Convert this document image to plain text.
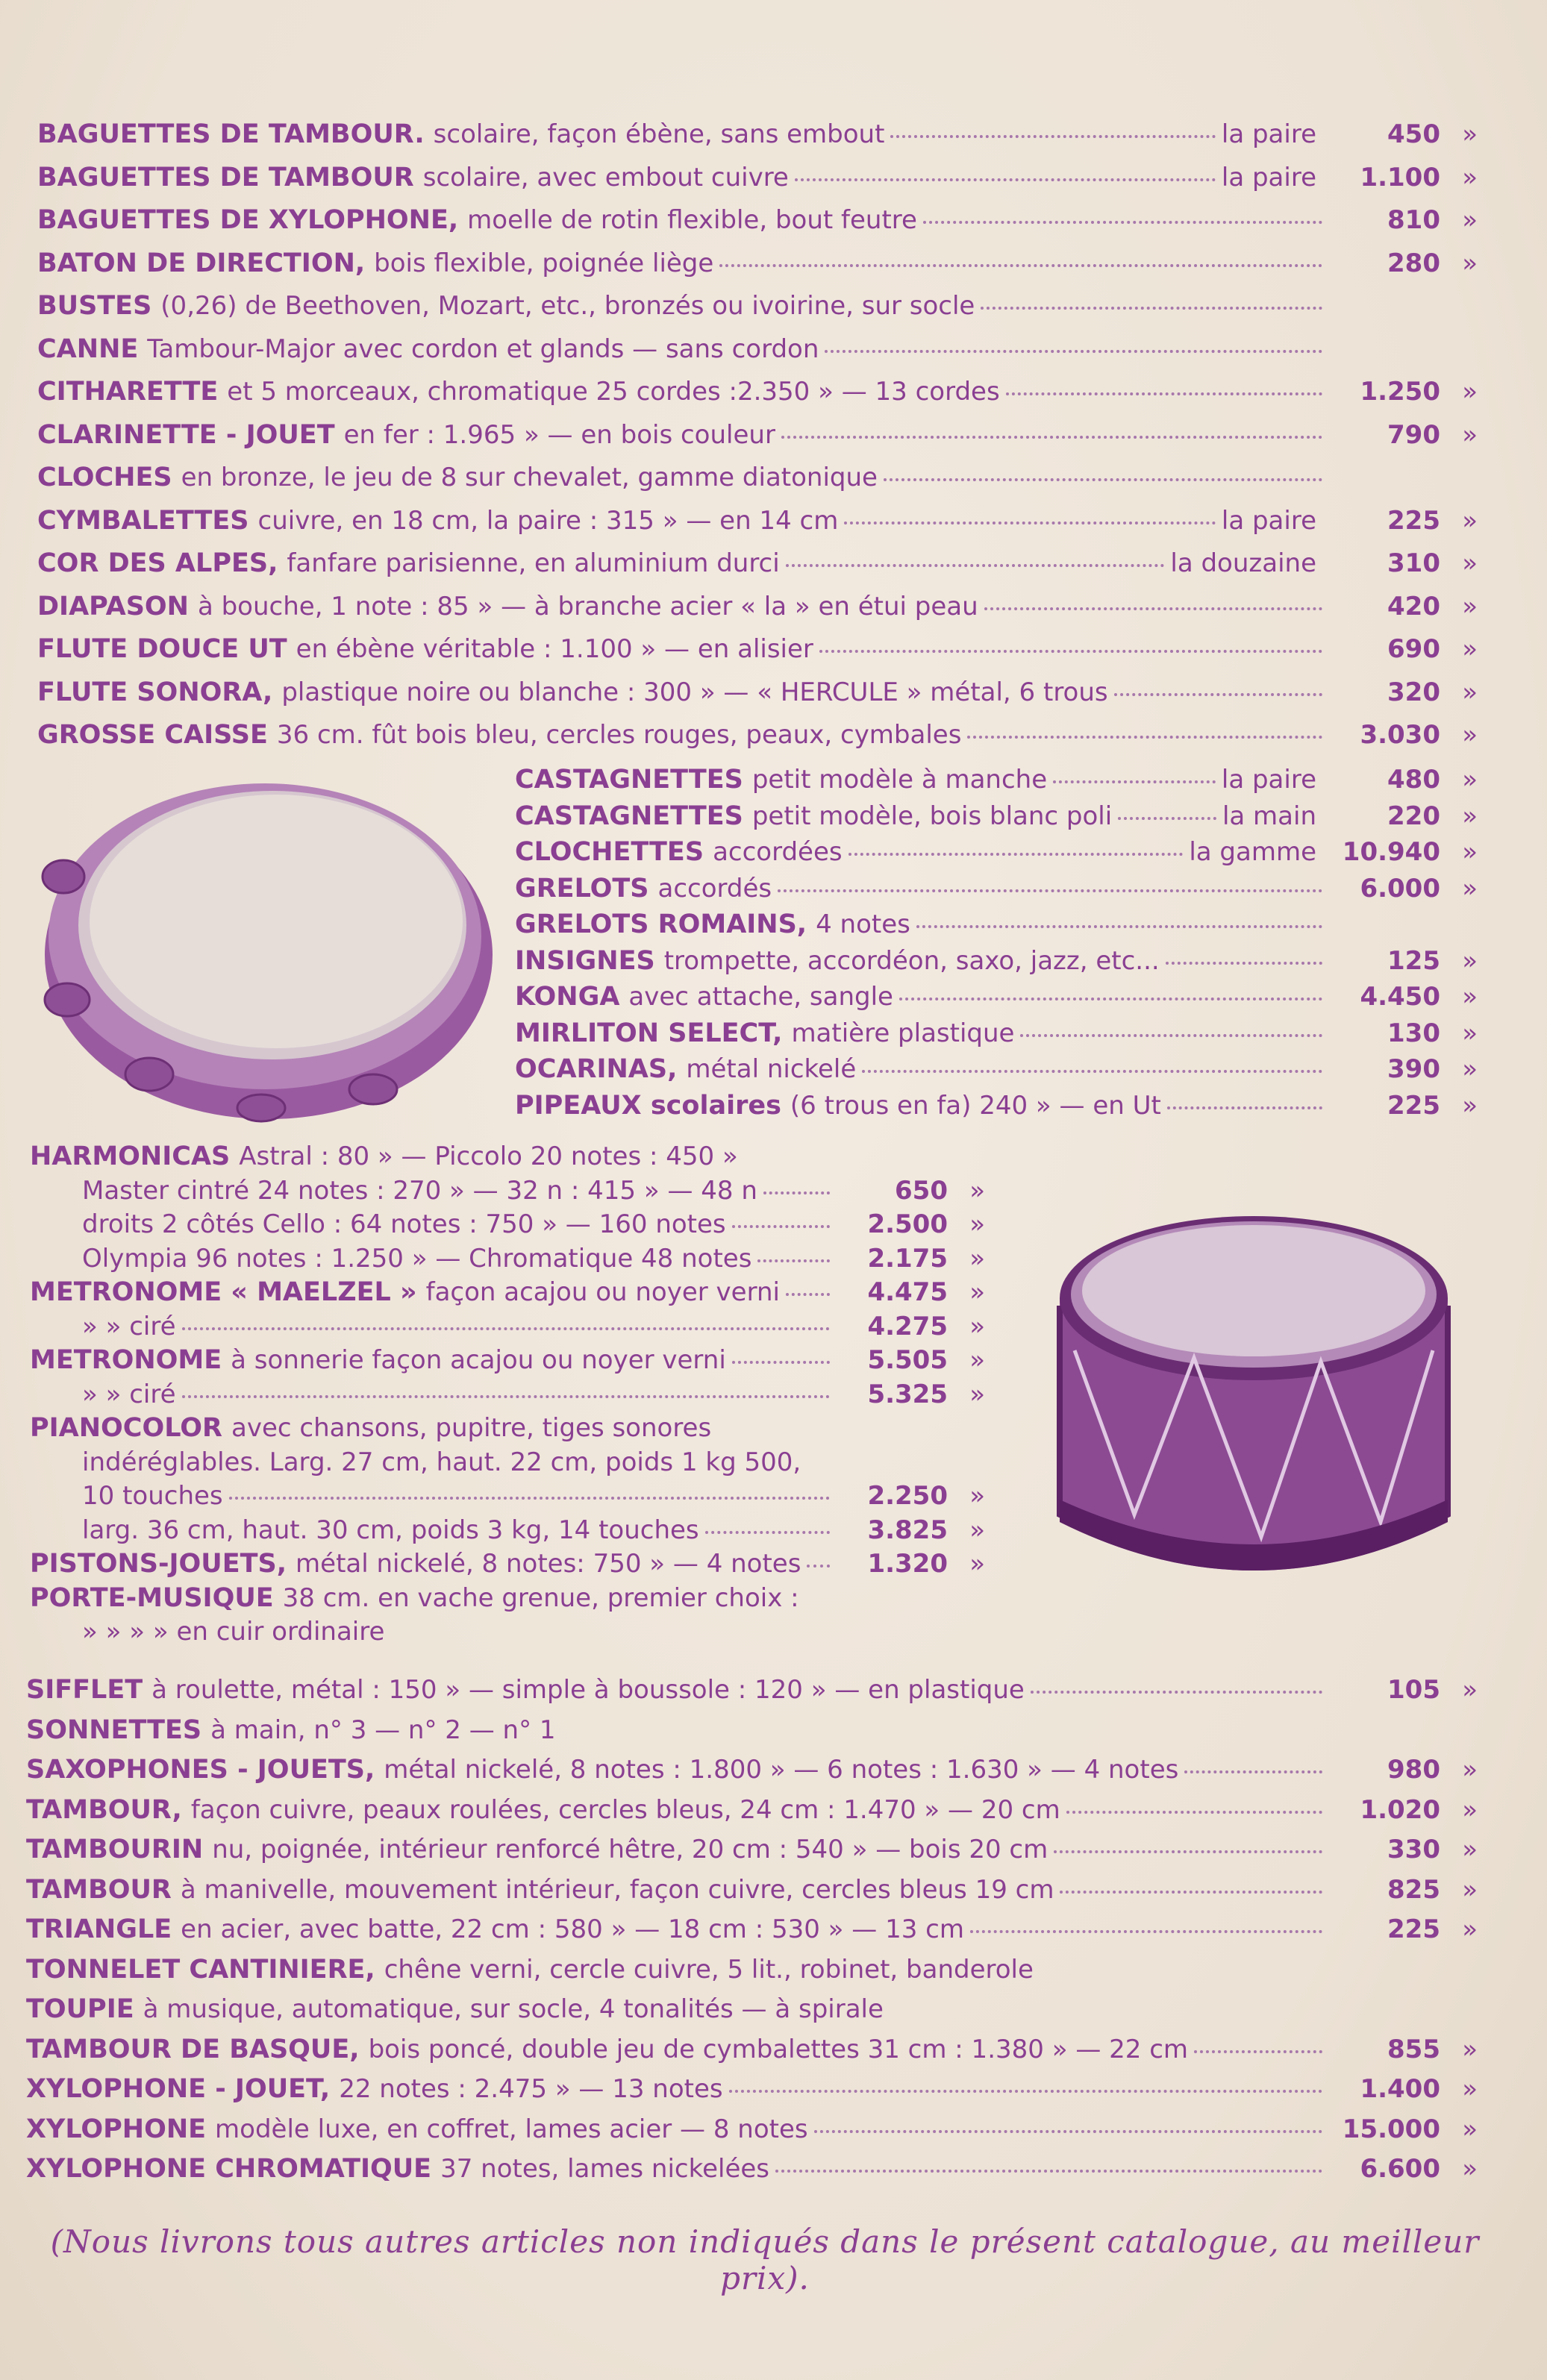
BAGUETTES DE TAMBOUR. scolaire, façon ébène, sans embout	la paire	450 »
BAGUETTES DE TAMBOUR scolaire, avec embout cuivre	la paire	1.100 »
BAGUETTES DE XYLOPHONE, moelle de rotin flexible, bout feutre	810 »
BATON DE DIRECTION, bois flexible, poignée liège	280 »
BUSTES (0,26) de Beethoven, Mozart, etc., bronzés ou ivoirine, sur socle
CANNE Tambour-Major avec cordon et glands — sans cordon
CITHARETTE et 5 morceaux, chromatique 25 cordes :2.350 » — 13 cordes	1.250 »
CLARINETTE - JOUET en fer : 1.965 » — en bois couleur	790 »
CLOCHES en bronze, le jeu de 8 sur chevalet, gamme diatonique
CYMBALETTES cuivre, en 18 cm, la paire : 315 » — en 14 cm	la paire	225 »
COR DES ALPES, fanfare parisienne, en aluminium durci	la douzaine	310 »
DIAPASON à bouche, 1 note : 85 » — à branche acier « la » en étui peau	420 »
FLUTE DOUCE UT en ébène véritable : 1.100 » — en alisier	690 »
FLUTE SONORA, plastique noire ou blanche : 300 » — « HERCULE » métal, 6 trous	320 »
GROSSE CAISSE 36 cm. fût bois bleu, cercles rouges, peaux, cymbales	3.030 »
CASTAGNETTES petit modèle à manche	la paire	480 »
CASTAGNETTES petit modèle, bois blanc poli	la main	220 »
CLOCHETTES accordées	la gamme	10.940 »
GRELOTS accordés	6.000 »
GRELOTS ROMAINS, 4 notes
INSIGNES trompette, accordéon, saxo, jazz, etc...	125 »
KONGA avec attache, sangle	4.450 »
MIRLITON SELECT, matière plastique	130 »
OCARINAS, métal nickelé	390 »
PIPEAUX scolaires (6 trous en fa) 240 » — en Ut	225 »
HARMONICAS Astral : 80 » — Piccolo 20 notes : 450 »
Master cintré 24 notes : 270 » — 32 n : 415 » — 48 n	650 »
droits 2 côtés Cello : 64 notes : 750 » — 160 notes	2.500 »
Olympia 96 notes : 1.250 » — Chromatique 48 notes	2.175 »
METRONOME « MAELZEL » façon acajou ou noyer verni	4.475 »
» » ciré	4.275 »
METRONOME à sonnerie façon acajou ou noyer verni	5.505 »
» » ciré	5.325 »
PIANOCOLOR avec chansons, pupitre, tiges sonores
indéréglables. Larg. 27 cm, haut. 22 cm, poids 1 kg 500,
10 touches	2.250 »
larg. 36 cm, haut. 30 cm, poids 3 kg, 14 touches	3.825 »
PISTONS-JOUETS, métal nickelé, 8 notes: 750 » — 4 notes	1.320 »
PORTE-MUSIQUE 38 cm. en vache grenue, premier choix :
» » » » en cuir ordinaire
SIFFLET à roulette, métal : 150 » — simple à boussole : 120 » — en plastique	105 »
SONNETTES à main, n° 3 — n° 2 — n° 1
SAXOPHONES - JOUETS, métal nickelé, 8 notes : 1.800 » — 6 notes : 1.630 » — 4 notes	980 »
TAMBOUR, façon cuivre, peaux roulées, cercles bleus, 24 cm : 1.470 » — 20 cm	1.020 »
TAMBOURIN nu, poignée, intérieur renforcé hêtre, 20 cm : 540 » — bois 20 cm	330 »
TAMBOUR à manivelle, mouvement intérieur, façon cuivre, cercles bleus 19 cm	825 »
TRIANGLE en acier, avec batte, 22 cm : 580 » — 18 cm : 530 » — 13 cm	225 »
TONNELET CANTINIERE, chêne verni, cercle cuivre, 5 lit., robinet, banderole
TOUPIE à musique, automatique, sur socle, 4 tonalités — à spirale
TAMBOUR DE BASQUE, bois poncé, double jeu de cymbalettes 31 cm : 1.380 » — 22 cm	855 »
XYLOPHONE - JOUET, 22 notes : 2.475 » — 13 notes	1.400 »
XYLOPHONE modèle luxe, en coffret, lames acier — 8 notes	15.000 »
XYLOPHONE CHROMATIQUE 37 notes, lames nickelées	6.600 »
(Nous livrons tous autres articles non indiqués dans le présent catalogue, au meilleur prix).
